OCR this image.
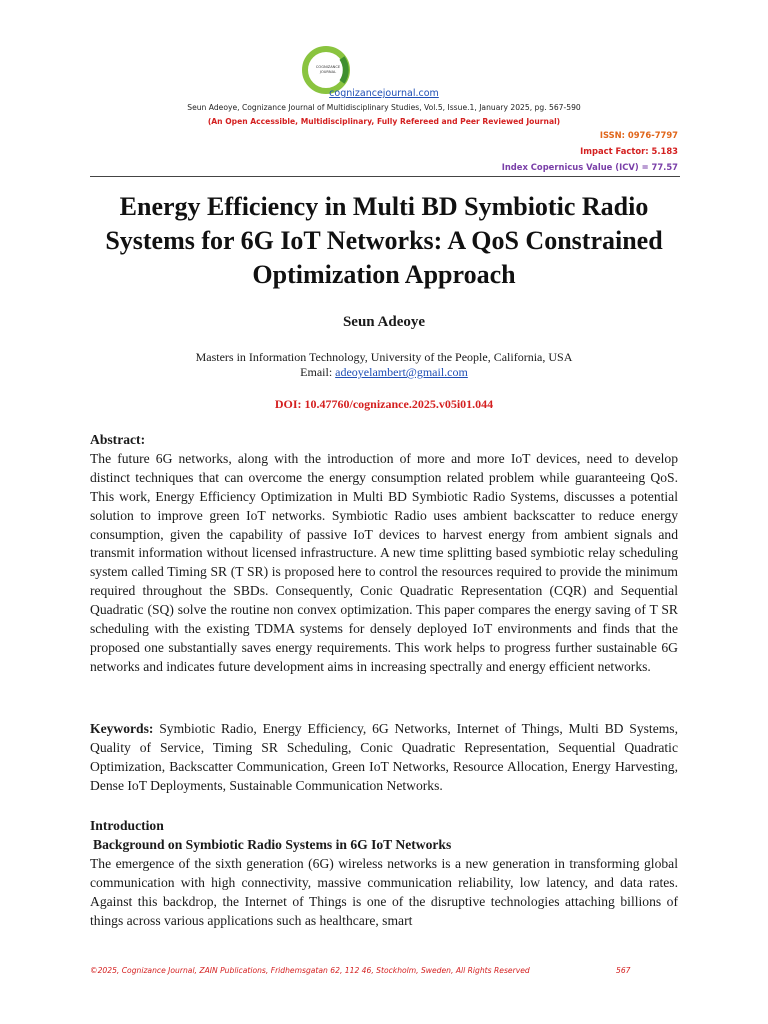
COGNIZANCE
JOURNAL
cognizancejournal.com
Seun Adeoye, Cognizance Journal of Multidisciplinary Studies, Vol.5, Issue.1, January 2025, pg. 567-590
(An Open Accessible, Multidisciplinary, Fully Refereed and Peer Reviewed Journal)
ISSN: 0976-7797
Impact Factor: 5.183
Index Copernicus Value (ICV) = 77.57
Energy Efficiency in Multi BD Symbiotic Radio Systems for 6G IoT Networks: A QoS Constrained Optimization Approach
Seun Adeoye
Masters in Information Technology, University of the People, California, USA
Email: adeoyelambert@gmail.com
DOI: 10.47760/cognizance.2025.v05i01.044
Abstract:
The future 6G networks, along with the introduction of more and more IoT devices, need to develop distinct techniques that can overcome the energy consumption related problem while guaranteeing QoS. This work, Energy Efficiency Optimization in Multi BD Symbiotic Radio Systems, discusses a potential solution to improve green IoT networks. Symbiotic Radio uses ambient backscatter to reduce energy consumption, given the capability of passive IoT devices to harvest energy from ambient signals and transmit information without licensed infrastructure. A new time splitting based symbiotic relay scheduling system called Timing SR (T SR) is proposed here to control the resources required to provide the minimum required throughout the SBDs. Consequently, Conic Quadratic Representation (CQR) and Sequential Quadratic (SQ) solve the routine non convex optimization. This paper compares the energy saving of T SR scheduling with the existing TDMA systems for densely deployed IoT environments and finds that the proposed one substantially saves energy requirements. This work helps to progress further sustainable 6G networks and indicates future development aims in increasing spectrally and energy efficient networks.
Keywords: Symbiotic Radio, Energy Efficiency, 6G Networks, Internet of Things, Multi BD Systems, Quality of Service, Timing SR Scheduling, Conic Quadratic Representation, Sequential Quadratic Optimization, Backscatter Communication, Green IoT Networks, Resource Allocation, Energy Harvesting, Dense IoT Deployments, Sustainable Communication Networks.
Introduction
Background on Symbiotic Radio Systems in 6G IoT Networks
The emergence of the sixth generation (6G) wireless networks is a new generation in transforming global communication with high connectivity, massive communication reliability, low latency, and data rates. Against this backdrop, the Internet of Things is one of the disruptive technologies attaching billions of things across various applications such as healthcare, smart
©2025, Cognizance Journal, ZAIN Publications, Fridhemsgatan 62, 112 46, Stockholm, Sweden, All Rights Reserved	567
